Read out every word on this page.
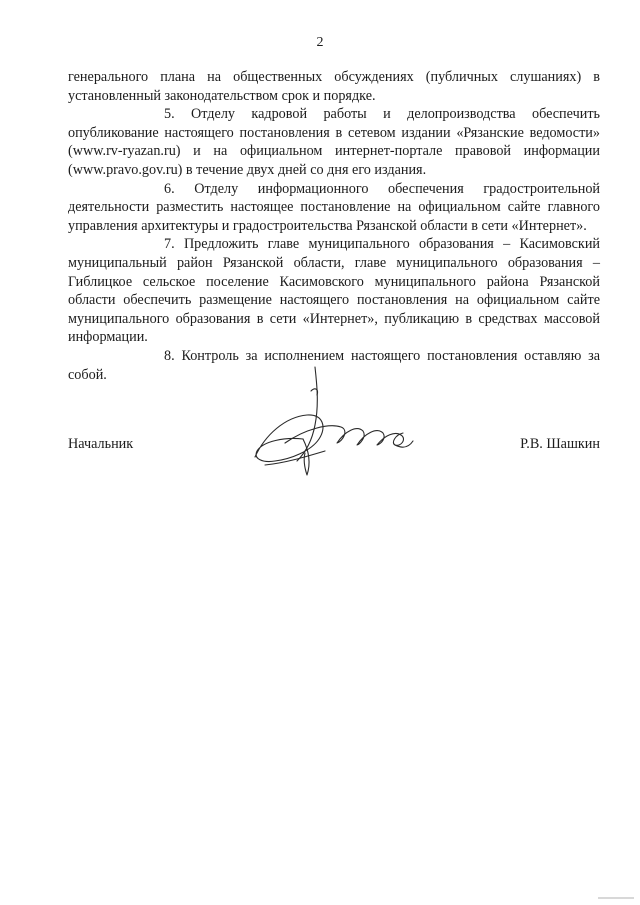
2

генерального плана на общественных обсуждениях (публичных слушаниях) в установленный законодательством срок и порядке.

5. Отделу кадровой работы и делопроизводства обеспечить опубликование настоящего постановления в сетевом издании «Рязанские ведомости» (www.rv-ryazan.ru) и на официальном интернет-портале правовой информации (www.pravo.gov.ru) в течение двух дней со дня его издания.

6. Отделу информационного обеспечения градостроительной деятельности разместить настоящее постановление на официальном сайте главного управления архитектуры и градостроительства Рязанской области в сети «Интернет».

7. Предложить главе муниципального образования – Касимовский муниципальный район Рязанской области, главе муниципального образования – Гиблицкое сельское поселение Касимовского муниципального района Рязанской области обеспечить размещение настоящего постановления на официальном сайте муниципального образования в сети «Интернет», публикацию в средствах массовой информации.

8. Контроль за исполнением настоящего постановления оставляю за собой.

Начальник	Р.В. Шашкин
